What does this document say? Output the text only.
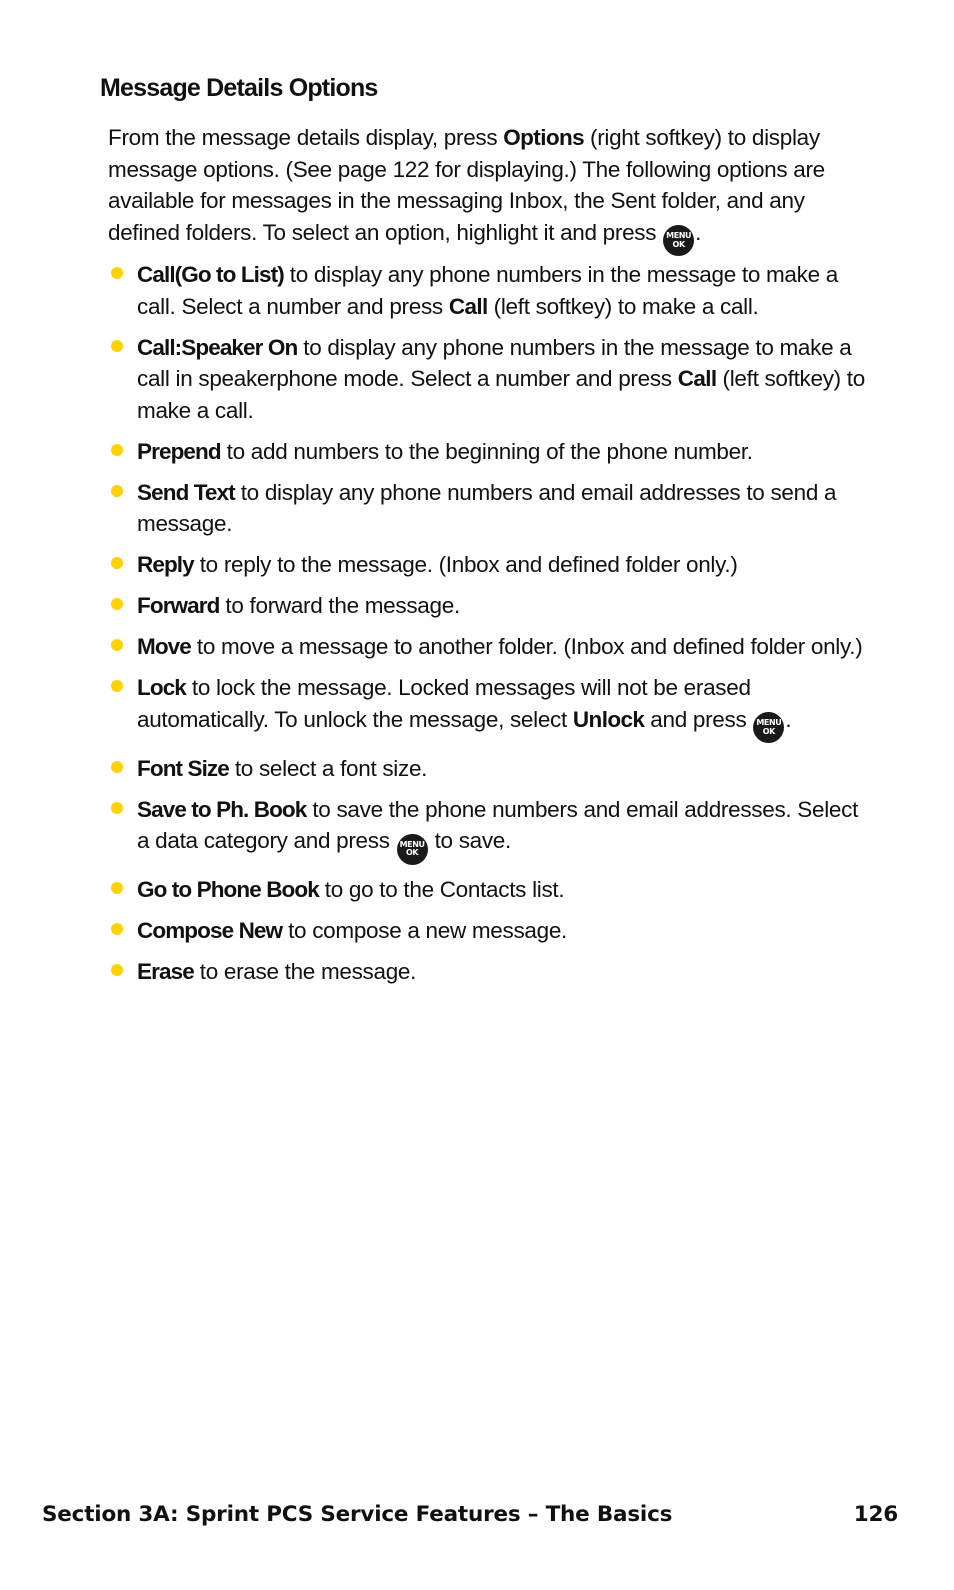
Message Details Options

From the message details display, press Options (right softkey) to display message options. (See page 122 for displaying.) The following options are available for messages in the messaging Inbox, the Sent folder, and any defined folders. To select an option, highlight it and press MENU
OK .

Call(Go to List) to display any phone numbers in the message to make a call. Select a number and press Call (left softkey) to make a call.
Call:Speaker On to display any phone numbers in the message to make a call in speakerphone mode. Select a number and press Call (left softkey) to make a call.
Prepend to add numbers to the beginning of the phone number.
Send Text to display any phone numbers and email addresses to send a message.
Reply to reply to the message. (Inbox and defined folder only.)
Forward to forward the message.
Move to move a message to another folder. (Inbox and defined folder only.)
Lock to lock the message. Locked messages will not be erased automatically. To unlock the message, select Unlock and press MENU
OK .
Font Size to select a font size.
Save to Ph. Book to save the phone numbers and email addresses. Select a data category and press MENU
OK to save.
Go to Phone Book to go to the Contacts list.
Compose New to compose a new message.
Erase to erase the message.
Section 3A: Sprint PCS Service Features – The Basics	126
